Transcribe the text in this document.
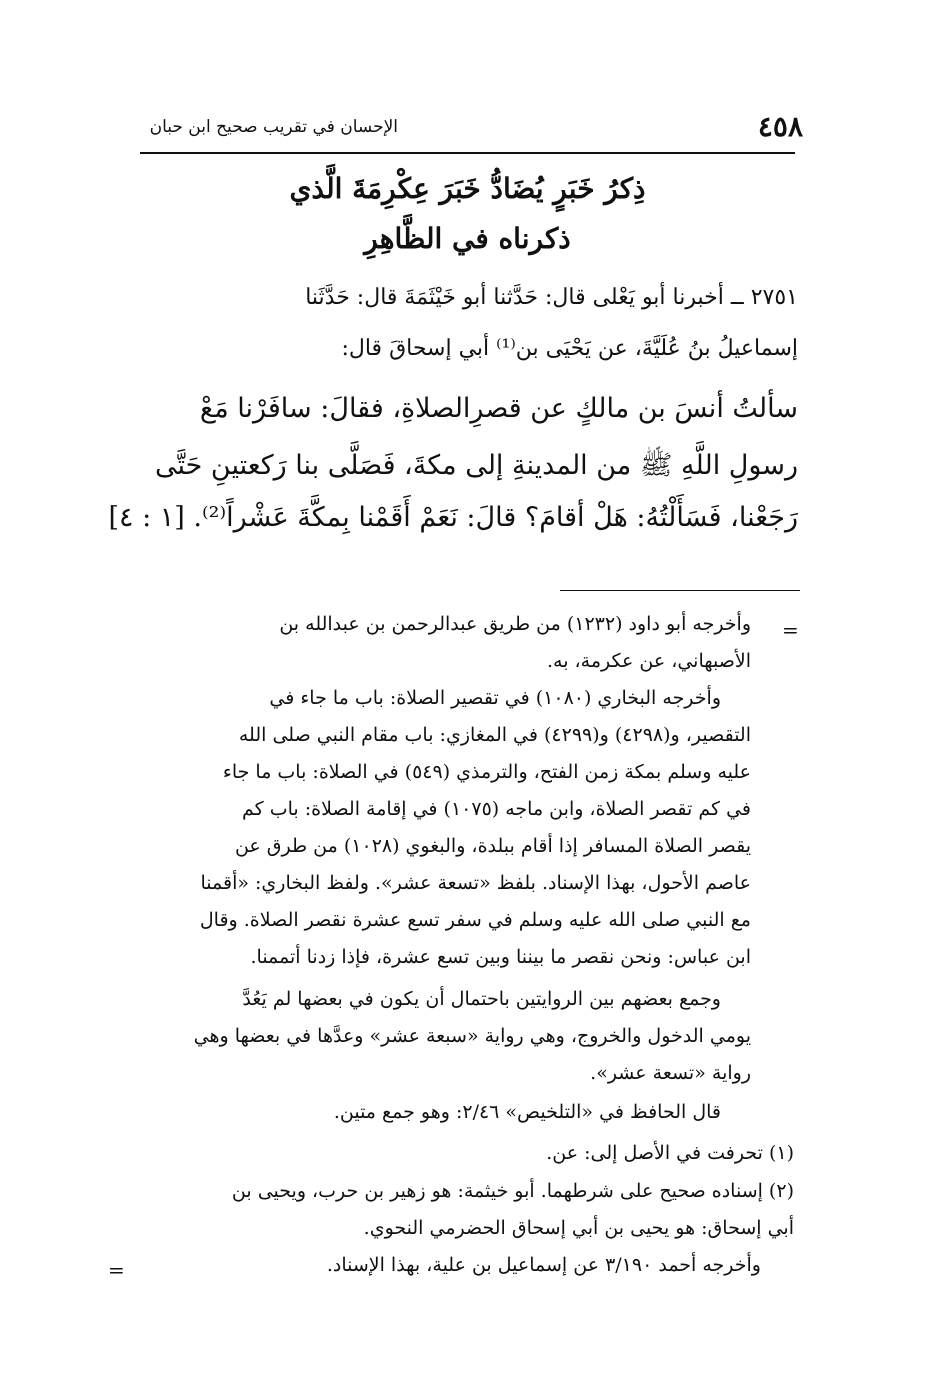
٤٥٨
الإحسان في تقريب صحيح ابن حبان
ذِكرُ خَبَرٍ يُضَادُّ خَبَرَ عِكْرِمَةَ الَّذي
ذكرناه في الظَّاهِرِ
٢٧٥١ ــ أخبرنا أبو يَعْلى قال: حَدَّثنا أبو خَيْثَمَةَ قال: حَدَّثَنا
إسماعيلُ بنُ عُلَيَّةَ، عن يَحْيَى بن⁽¹⁾ أبي إسحاقَ قال:
سألتُ أنسَ بن مالكٍ عن قصرِالصلاةِ، فقالَ: سافَرْنا مَعْ
رسولِ اللَّهِ ﷺ من المدينةِ إلى مكةَ، فَصَلَّى بنا رَكعتينِ حَتَّى
رَجَعْنا، فَسَأَلْتُهُ: هَلْ أقامَ؟ قالَ: نَعَمْ أَقَمْنا بِمكَّةَ عَشْراً⁽²⁾. [١ : ٤]
=
=
وأخرجه أبو داود (١٢٣٢) من طريق عبدالرحمن بن عبدالله بن
الأصبهاني، عن عكرمة، به.
وأخرجه البخاري (١٠٨٠) في تقصير الصلاة: باب ما جاء في
التقصير، و(٤٢٩٨) و(٤٢٩٩) في المغازي: باب مقام النبي صلى الله
عليه وسلم بمكة زمن الفتح، والترمذي (٥٤٩) في الصلاة: باب ما جاء
في كم تقصر الصلاة، وابن ماجه (١٠٧٥) في إقامة الصلاة: باب كم
يقصر الصلاة المسافر إذا أقام ببلدة، والبغوي (١٠٢٨) من طرق عن
عاصم الأحول، بهذا الإسناد. بلفظ «تسعة عشر». ولفظ البخاري: «أقمنا
مع النبي صلى الله عليه وسلم في سفر تسع عشرة نقصر الصلاة. وقال
ابن عباس: ونحن نقصر ما بيننا وبين تسع عشرة، فإذا زدنا أتممنا.
وجمع بعضهم بين الروايتين باحتمال أن يكون في بعضها لم يَعُدَّ
يومي الدخول والخروج، وهي رواية «سبعة عشر» وعدَّها في بعضها وهي
رواية «تسعة عشر».
قال الحافظ في «التلخيص» ٢/٤٦: وهو جمع متين.
(١) تحرفت في الأصل إلى: عن.
(٢) إسناده صحيح على شرطهما. أبو خيثمة: هو زهير بن حرب، ويحيى بن
أبي إسحاق: هو يحيى بن أبي إسحاق الحضرمي النحوي.
وأخرجه أحمد ٣/١٩٠ عن إسماعيل بن علية، بهذا الإسناد.
